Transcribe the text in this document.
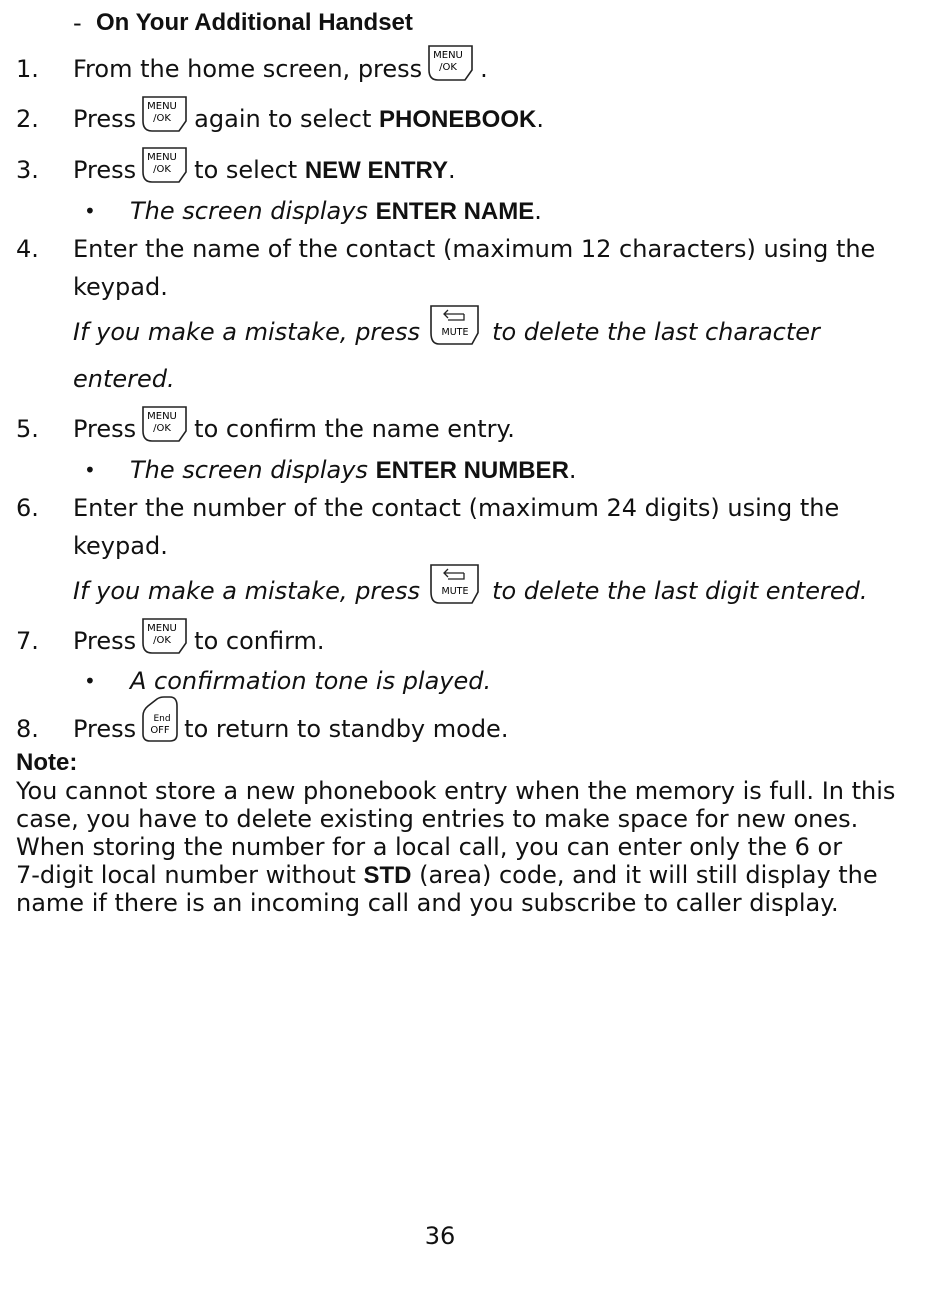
- On Your Additional Handset
1. From the home screen, press MENU
/OK .
2. Press MENU
/OK again to select PHONEBOOK.
3. Press MENU
/OK to select NEW ENTRY.
• The screen displays ENTER NAME.
4. Enter the name of the contact (maximum 12 characters) using the
keypad.
If you make a mistake, press MUTE to delete the last character
entered.
5. Press MENU
/OK to confirm the name entry.
• The screen displays ENTER NUMBER.
6. Enter the number of the contact (maximum 24 digits) using the
keypad.
If you make a mistake, press MUTE to delete the last digit entered.
7. Press MENU
/OK to confirm.
• A confirmation tone is played.
8. Press End
OFF to return to standby mode.
Note:
You cannot store a new phonebook entry when the memory is full. In this
case, you have to delete existing entries to make space for new ones.
When storing the number for a local call, you can enter only the 6 or
7-digit local number without STD (area) code, and it will still display the
name if there is an incoming call and you subscribe to caller display.
36
